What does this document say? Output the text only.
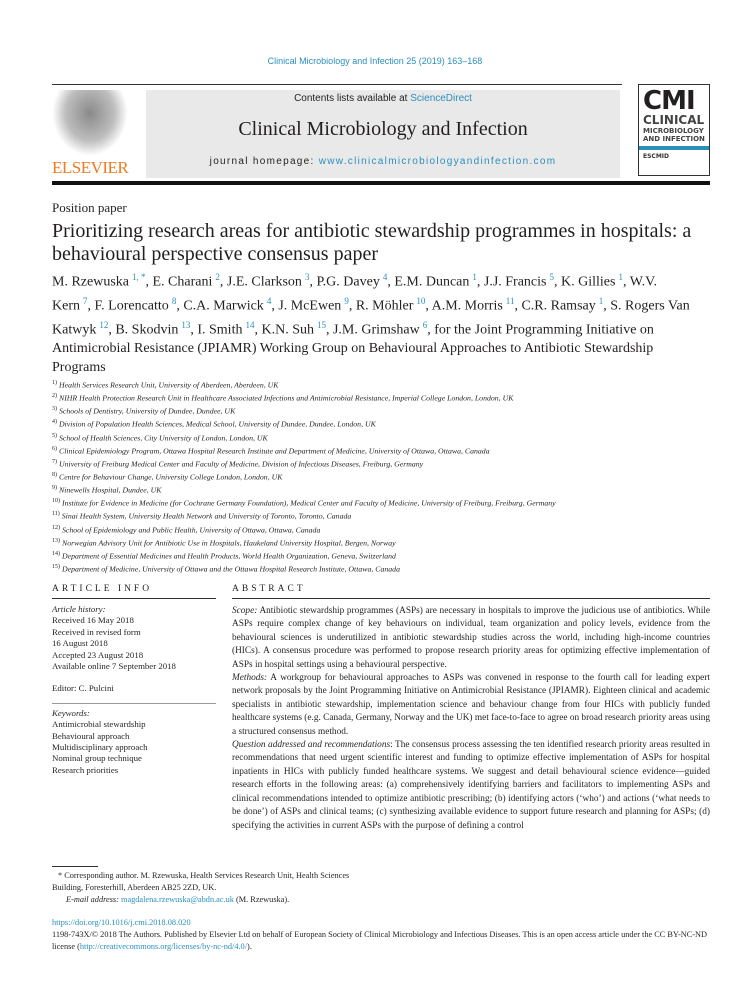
Clinical Microbiology and Infection 25 (2019) 163–168
ELSEVIER
Contents lists available at ScienceDirect
Clinical Microbiology and Infection
journal homepage: www.clinicalmicrobiologyandinfection.com
CMI
CLINICAL
MICROBIOLOGY
AND INFECTION
ESCMID
Position paper
Prioritizing research areas for antibiotic stewardship programmes in hospitals: a behavioural perspective consensus paper
M. Rzewuska $^{1, *}$, E. Charani $^2$, J.E. Clarkson $^3$, P.G. Davey $^4$, E.M. Duncan $^1$, J.J. Francis $^5$, K. Gillies $^1$, W.V. Kern $^7$, F. Lorencatto $^8$, C.A. Marwick $^4$, J. McEwen $^9$, R. Möhler $^{10}$, A.M. Morris $^{11}$, C.R. Ramsay $^1$, S. Rogers Van Katwyk $^{12}$, B. Skodvin $^{13}$, I. Smith $^{14}$, K.N. Suh $^{15}$, J.M. Grimshaw $^6$, for the Joint Programming Initiative on Antimicrobial Resistance (JPIAMR) Working Group on Behavioural Approaches to Antibiotic Stewardship Programs
$^{1)}$ Health Services Research Unit, University of Aberdeen, Aberdeen, UK
$^{2)}$ NIHR Health Protection Research Unit in Healthcare Associated Infections and Antimicrobial Resistance, Imperial College London, London, UK
$^{3)}$ Schools of Dentistry, University of Dundee, Dundee, UK
$^{4)}$ Division of Population Health Sciences, Medical School, University of Dundee, Dundee, London, UK
$^{5)}$ School of Health Sciences, City University of London, London, UK
$^{6)}$ Clinical Epidemiology Program, Ottawa Hospital Research Institute and Department of Medicine, University of Ottawa, Ottawa, Canada
$^{7)}$ University of Freiburg Medical Center and Faculty of Medicine, Division of Infectious Diseases, Freiburg, Germany
$^{8)}$ Centre for Behaviour Change, University College London, London, UK
$^{9)}$ Ninewells Hospital, Dundee, UK
$^{10)}$ Institute for Evidence in Medicine (for Cochrane Germany Foundation), Medical Center and Faculty of Medicine, University of Freiburg, Freiburg, Germany
$^{11)}$ Sinai Health System, University Health Network and University of Toronto, Toronto, Canada
$^{12)}$ School of Epidemiology and Public Health, University of Ottawa, Ottawa, Canada
$^{13)}$ Norwegian Advisory Unit for Antibiotic Use in Hospitals, Haukeland University Hospital, Bergen, Norway
$^{14)}$ Department of Essential Medicines and Health Products, World Health Organization, Geneva, Switzerland
$^{15)}$ Department of Medicine, University of Ottawa and the Ottawa Hospital Research Institute, Ottawa, Canada
ARTICLE INFO	ABSTRACT
Article history:
Received 16 May 2018
Received in revised form
16 August 2018
Accepted 23 August 2018
Available online 7 September 2018
Editor: C. Pulcini
Keywords:
Antimicrobial stewardship
Behavioural approach
Multidisciplinary approach
Nominal group technique
Research priorities

Scope: Antibiotic stewardship programmes (ASPs) are necessary in hospitals to improve the judicious use of antibiotics. While ASPs require complex change of key behaviours on individual, team organization and policy levels, evidence from the behavioural sciences is underutilized in antibiotic stewardship studies across the world, including high-income countries (HICs). A consensus procedure was performed to propose research priority areas for optimizing effective implementation of ASPs in hospital settings using a behavioural perspective.

Methods: A workgroup for behavioural approaches to ASPs was convened in response to the fourth call for leading expert network proposals by the Joint Programming Initiative on Antimicrobial Resistance (JPIAMR). Eighteen clinical and academic specialists in antibiotic stewardship, implementation science and behaviour change from four HICs with publicly funded healthcare systems (e.g. Canada, Germany, Norway and the UK) met face-to-face to agree on broad research priority areas using a structured consensus method.

Question addressed and recommendations: The consensus process assessing the ten identified research priority areas resulted in recommendations that need urgent scientific interest and funding to optimize effective implementation of ASPs for hospital inpatients in HICs with publicly funded healthcare systems. We suggest and detail behavioural science evidence—guided research efforts in the following areas: (a) comprehensively identifying barriers and facilitators to implementing ASPs and clinical recommendations intended to optimize antibiotic prescribing; (b) identifying actors (‘who’) and actions (‘what needs to be done’) of ASPs and clinical teams; (c) synthesizing available evidence to support future research and planning for ASPs; (d) specifying the activities in current ASPs with the purpose of defining a control

* Corresponding author. M. Rzewuska, Health Services Research Unit, Health Sciences Building, Foresterhill, Aberdeen AB25 2ZD, UK.
E-mail address: magdalena.rzewuska@abdn.ac.uk (M. Rzewuska).
https://doi.org/10.1016/j.cmi.2018.08.020
1198-743X/© 2018 The Authors. Published by Elsevier Ltd on behalf of European Society of Clinical Microbiology and Infectious Diseases. This is an open access article under the CC BY-NC-ND license (http://creativecommons.org/licenses/by-nc-nd/4.0/).
